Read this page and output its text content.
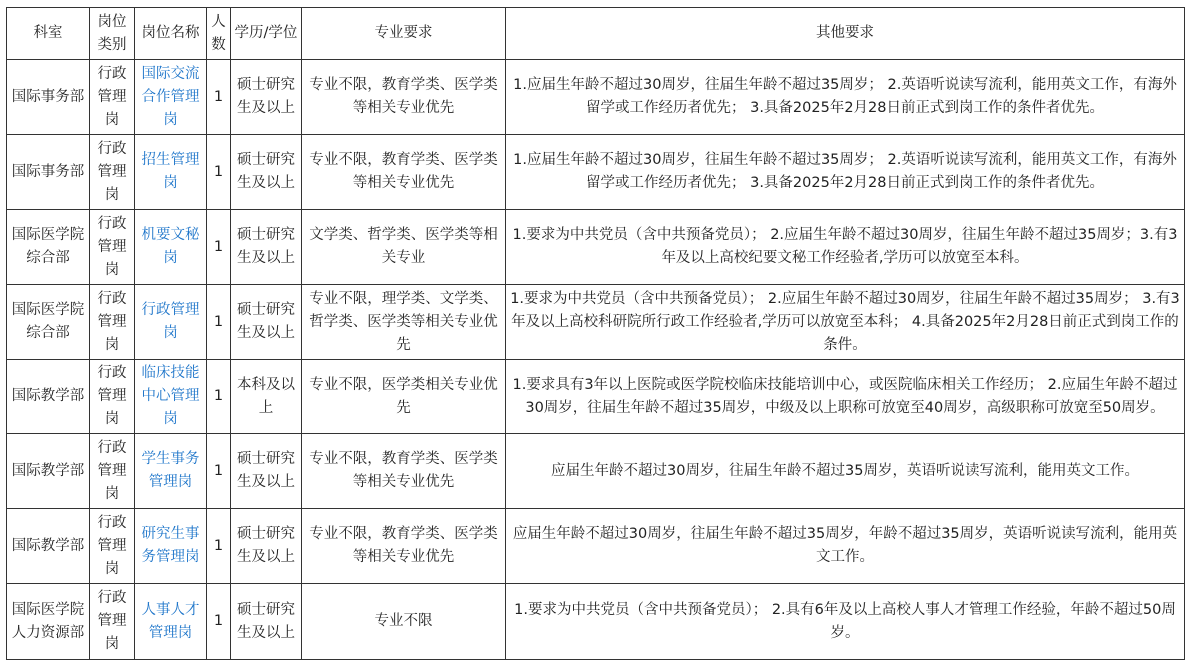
科室	岗位类别	岗位名称	人数	学历/学位	专业要求	其他要求
国际事务部	行政管理岗	国际交流合作管理岗	1	硕士研究生及以上	专业不限，教育学类、医学类等相关专业优先	1.应届生年龄不超过30周岁，往届生年龄不超过35周岁； 2.英语听说读写流利，能用英文工作，有海外留学或工作经历者优先； 3.具备2025年2月28日前正式到岗工作的条件者优先。
国际事务部	行政管理岗	招生管理岗	1	硕士研究生及以上	专业不限，教育学类、医学类等相关专业优先	1.应届生年龄不超过30周岁，往届生年龄不超过35周岁； 2.英语听说读写流利，能用英文工作，有海外留学或工作经历者优先； 3.具备2025年2月28日前正式到岗工作的条件者优先。
国际医学院综合部	行政管理岗	机要文秘岗	1	硕士研究生及以上	文学类、哲学类、医学类等相关专业	1.要求为中共党员（含中共预备党员）； 2.应届生年龄不超过30周岁，往届生年龄不超过35周岁；3.有3年及以上高校纪要文秘工作经验者,学历可以放宽至本科。
国际医学院综合部	行政管理岗	行政管理岗	1	硕士研究生及以上	专业不限，理学类、文学类、哲学类、医学类等相关专业优先	1.要求为中共党员（含中共预备党员）； 2.应届生年龄不超过30周岁，往届生年龄不超过35周岁； 3.有3年及以上高校科研院所行政工作经验者,学历可以放宽至本科； 4.具备2025年2月28日前正式到岗工作的条件。
国际教学部	行政管理岗	临床技能中心管理岗	1	本科及以上	专业不限，医学类相关专业优先	1.要求具有3年以上医院或医学院校临床技能培训中心，或医院临床相关工作经历； 2.应届生年龄不超过30周岁，往届生年龄不超过35周岁，中级及以上职称可放宽至40周岁，高级职称可放宽至50周岁。
国际教学部	行政管理岗	学生事务管理岗	1	硕士研究生及以上	专业不限，教育学类、医学类等相关专业优先	应届生年龄不超过30周岁，往届生年龄不超过35周岁，英语听说读写流利，能用英文工作。
国际教学部	行政管理岗	研究生事务管理岗	1	硕士研究生及以上	专业不限，教育学类、医学类等相关专业优先	应届生年龄不超过30周岁，往届生年龄不超过35周岁，年龄不超过35周岁，英语听说读写流利，能用英文工作。
国际医学院人力资源部	行政管理岗	人事人才管理岗	1	硕士研究生及以上	专业不限	1.要求为中共党员（含中共预备党员）； 2.具有6年及以上高校人事人才管理工作经验，年龄不超过50周岁。
